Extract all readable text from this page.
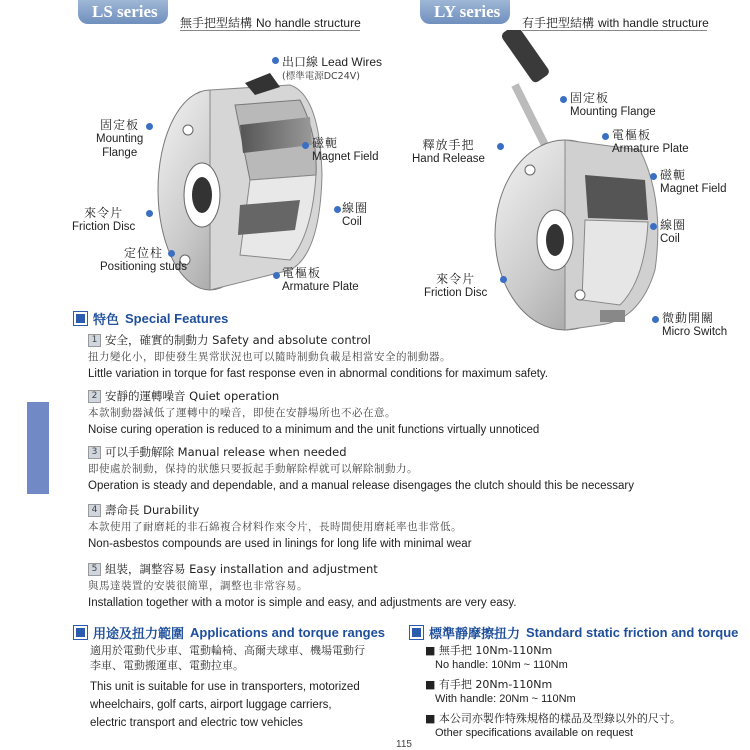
LS series
無手把型結構 No handle structure
LY series
有手把型結構 with handle structure
出口線 Lead Wires
(標準電源DC24V)
固定板
Mounting
Flange
磁軛
Magnet Field
來令片
Friction Disc
線圈
Coil
定位柱
Positioning studs	電樞板
Armature Plate
固定板
Mounting Flange
電樞板
Armature Plate
釋放手把
Hand Release
磁軛
Magnet Field
線圈
Coil
來令片
Friction Disc
微動開關
Micro Switch
特色 Special Features
1 安全，確實的制動力 Safety and absolute control
扭力變化小，即使發生異常狀況也可以隨時制動負載是相當安全的制動器。
Little variation in torque for fast response even in abnormal conditions for maximum safety.
2 安靜的運轉噪音 Quiet operation
本款制動器減低了運轉中的噪音，即使在安靜場所也不必在意。
Noise curing operation is reduced to a minimum and the unit functions virtually unnoticed
3 可以手動解除 Manual release when needed
即使處於制動，保持的狀態只要扳起手動解除桿就可以解除制動力。
Operation is steady and dependable, and a manual release disengages the clutch should this be necessary
4 壽命長 Durability
本款使用了耐磨耗的非石綿複合材料作來令片，長時間使用磨耗率也非常低。
Non-asbestos compounds are used in linings for long life with minimal wear
5 組裝，調整容易 Easy installation and adjustment
與馬達裝置的安裝很簡單，調整也非常容易。
Installation together with a motor is simple and easy, and adjustments are very easy.
用途及扭力範圍 Applications and torque ranges
適用於電動代步車、電動輪椅、高爾夫球車、機場電動行
李車、電動搬運車、電動拉車。
This unit is suitable for use in transporters, motorized
wheelchairs, golf carts, airport luggage carriers,
electric transport and electric tow vehicles
標準靜摩擦扭力 Standard static friction and torque
■ 無手把 10Nm-110Nm
No handle: 10Nm ~ 110Nm
■ 有手把 20Nm-110Nm
With handle: 20Nm ~ 110Nm
■ 本公司亦製作特殊規格的樣品及型錄以外的尺寸。
Other specifications available on request
115
